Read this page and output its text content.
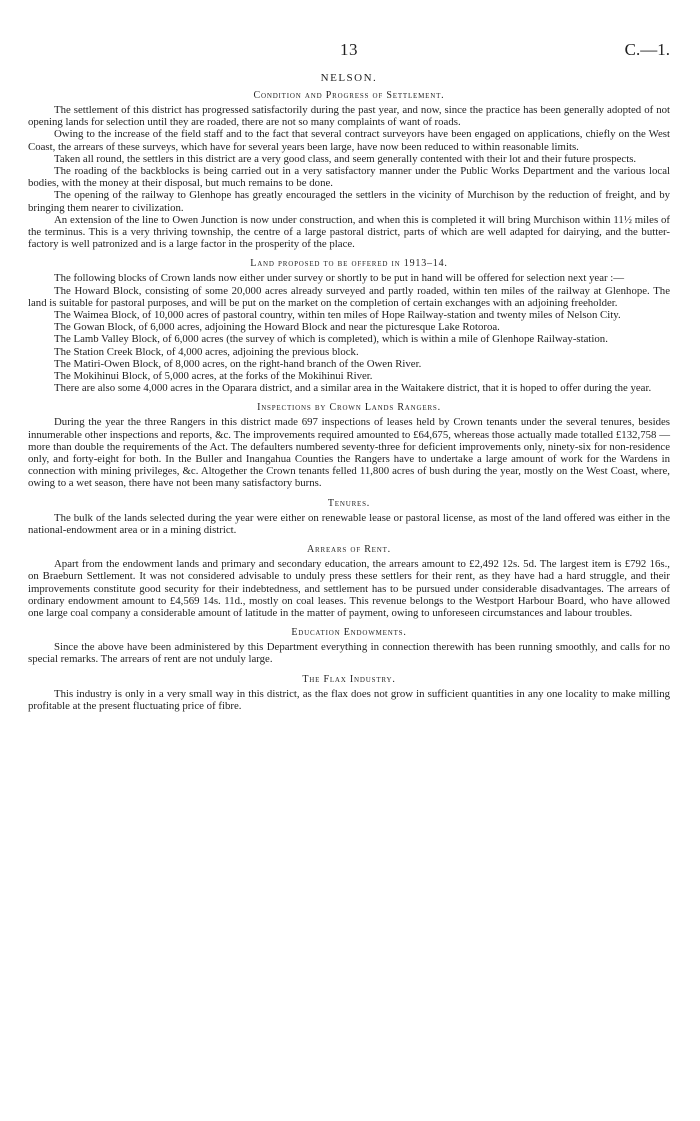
13	C.—1.
NELSON.
Condition and Progress of Settlement.

The settlement of this district has progressed satisfactorily during the past year, and now, since the practice has been generally adopted of not opening lands for selection until they are roaded, there are not so many complaints of want of roads.

Owing to the increase of the field staff and to the fact that several contract surveyors have been engaged on applications, chiefly on the West Coast, the arrears of these surveys, which have for several years been large, have now been reduced to within reasonable limits.

Taken all round, the settlers in this district are a very good class, and seem generally contented with their lot and their future prospects.

The roading of the backblocks is being carried out in a very satisfactory manner under the Public Works Department and the various local bodies, with the money at their disposal, but much remains to be done.

The opening of the railway to Glenhope has greatly encouraged the settlers in the vicinity of Murchison by the reduction of freight, and by bringing them nearer to civilization.

An extension of the line to Owen Junction is now under construction, and when this is completed it will bring Murchison within 11½ miles of the terminus. This is a very thriving township, the centre of a large pastoral district, parts of which are well adapted for dairying, and the butter-factory is well patronized and is a large factor in the prosperity of the place.

Land proposed to be offered in 1913–14.

The following blocks of Crown lands now either under survey or shortly to be put in hand will be offered for selection next year :—

The Howard Block, consisting of some 20,000 acres already surveyed and partly roaded, within ten miles of the railway at Glenhope. The land is suitable for pastoral purposes, and will be put on the market on the completion of certain exchanges with an adjoining freeholder.

The Waimea Block, of 10,000 acres of pastoral country, within ten miles of Hope Railway-station and twenty miles of Nelson City.

The Gowan Block, of 6,000 acres, adjoining the Howard Block and near the picturesque Lake Rotoroa.

The Lamb Valley Block, of 6,000 acres (the survey of which is completed), which is within a mile of Glenhope Railway-station.

The Station Creek Block, of 4,000 acres, adjoining the previous block.

The Matiri-Owen Block, of 8,000 acres, on the right-hand branch of the Owen River.

The Mokihinui Block, of 5,000 acres, at the forks of the Mokihinui River.

There are also some 4,000 acres in the Oparara district, and a similar area in the Waitakere district, that it is hoped to offer during the year.

Inspections by Crown Lands Rangers.

During the year the three Rangers in this district made 697 inspections of leases held by Crown tenants under the several tenures, besides innumerable other inspections and reports, &c. The improvements required amounted to £64,675, whereas those actually made totalled £132,758 —more than double the requirements of the Act. The defaulters numbered seventy-three for deficient improvements only, ninety-six for non-residence only, and forty-eight for both. In the Buller and Inangahua Counties the Rangers have to undertake a large amount of work for the Wardens in connection with mining privileges, &c. Altogether the Crown tenants felled 11,800 acres of bush during the year, mostly on the West Coast, where, owing to a wet season, there have not been many satisfactory burns.

Tenures.

The bulk of the lands selected during the year were either on renewable lease or pastoral license, as most of the land offered was either in the national-endowment area or in a mining district.

Arrears of Rent.

Apart from the endowment lands and primary and secondary education, the arrears amount to £2,492 12s. 5d. The largest item is £792 16s., on Braeburn Settlement. It was not considered advisable to unduly press these settlers for their rent, as they have had a hard struggle, and their improvements constitute good security for their indebtedness, and settlement has to be pursued under considerable disadvantages. The arrears of ordinary endowment amount to £4,569 14s. 11d., mostly on coal leases. This revenue belongs to the Westport Harbour Board, who have allowed one large coal company a considerable amount of latitude in the matter of payment, owing to unforeseen circumstances and labour troubles.

Education Endowments.

Since the above have been administered by this Department everything in connection therewith has been running smoothly, and calls for no special remarks. The arrears of rent are not unduly large.

The Flax Industry.

This industry is only in a very small way in this district, as the flax does not grow in sufficient quantities in any one locality to make milling profitable at the present fluctuating price of fibre.
